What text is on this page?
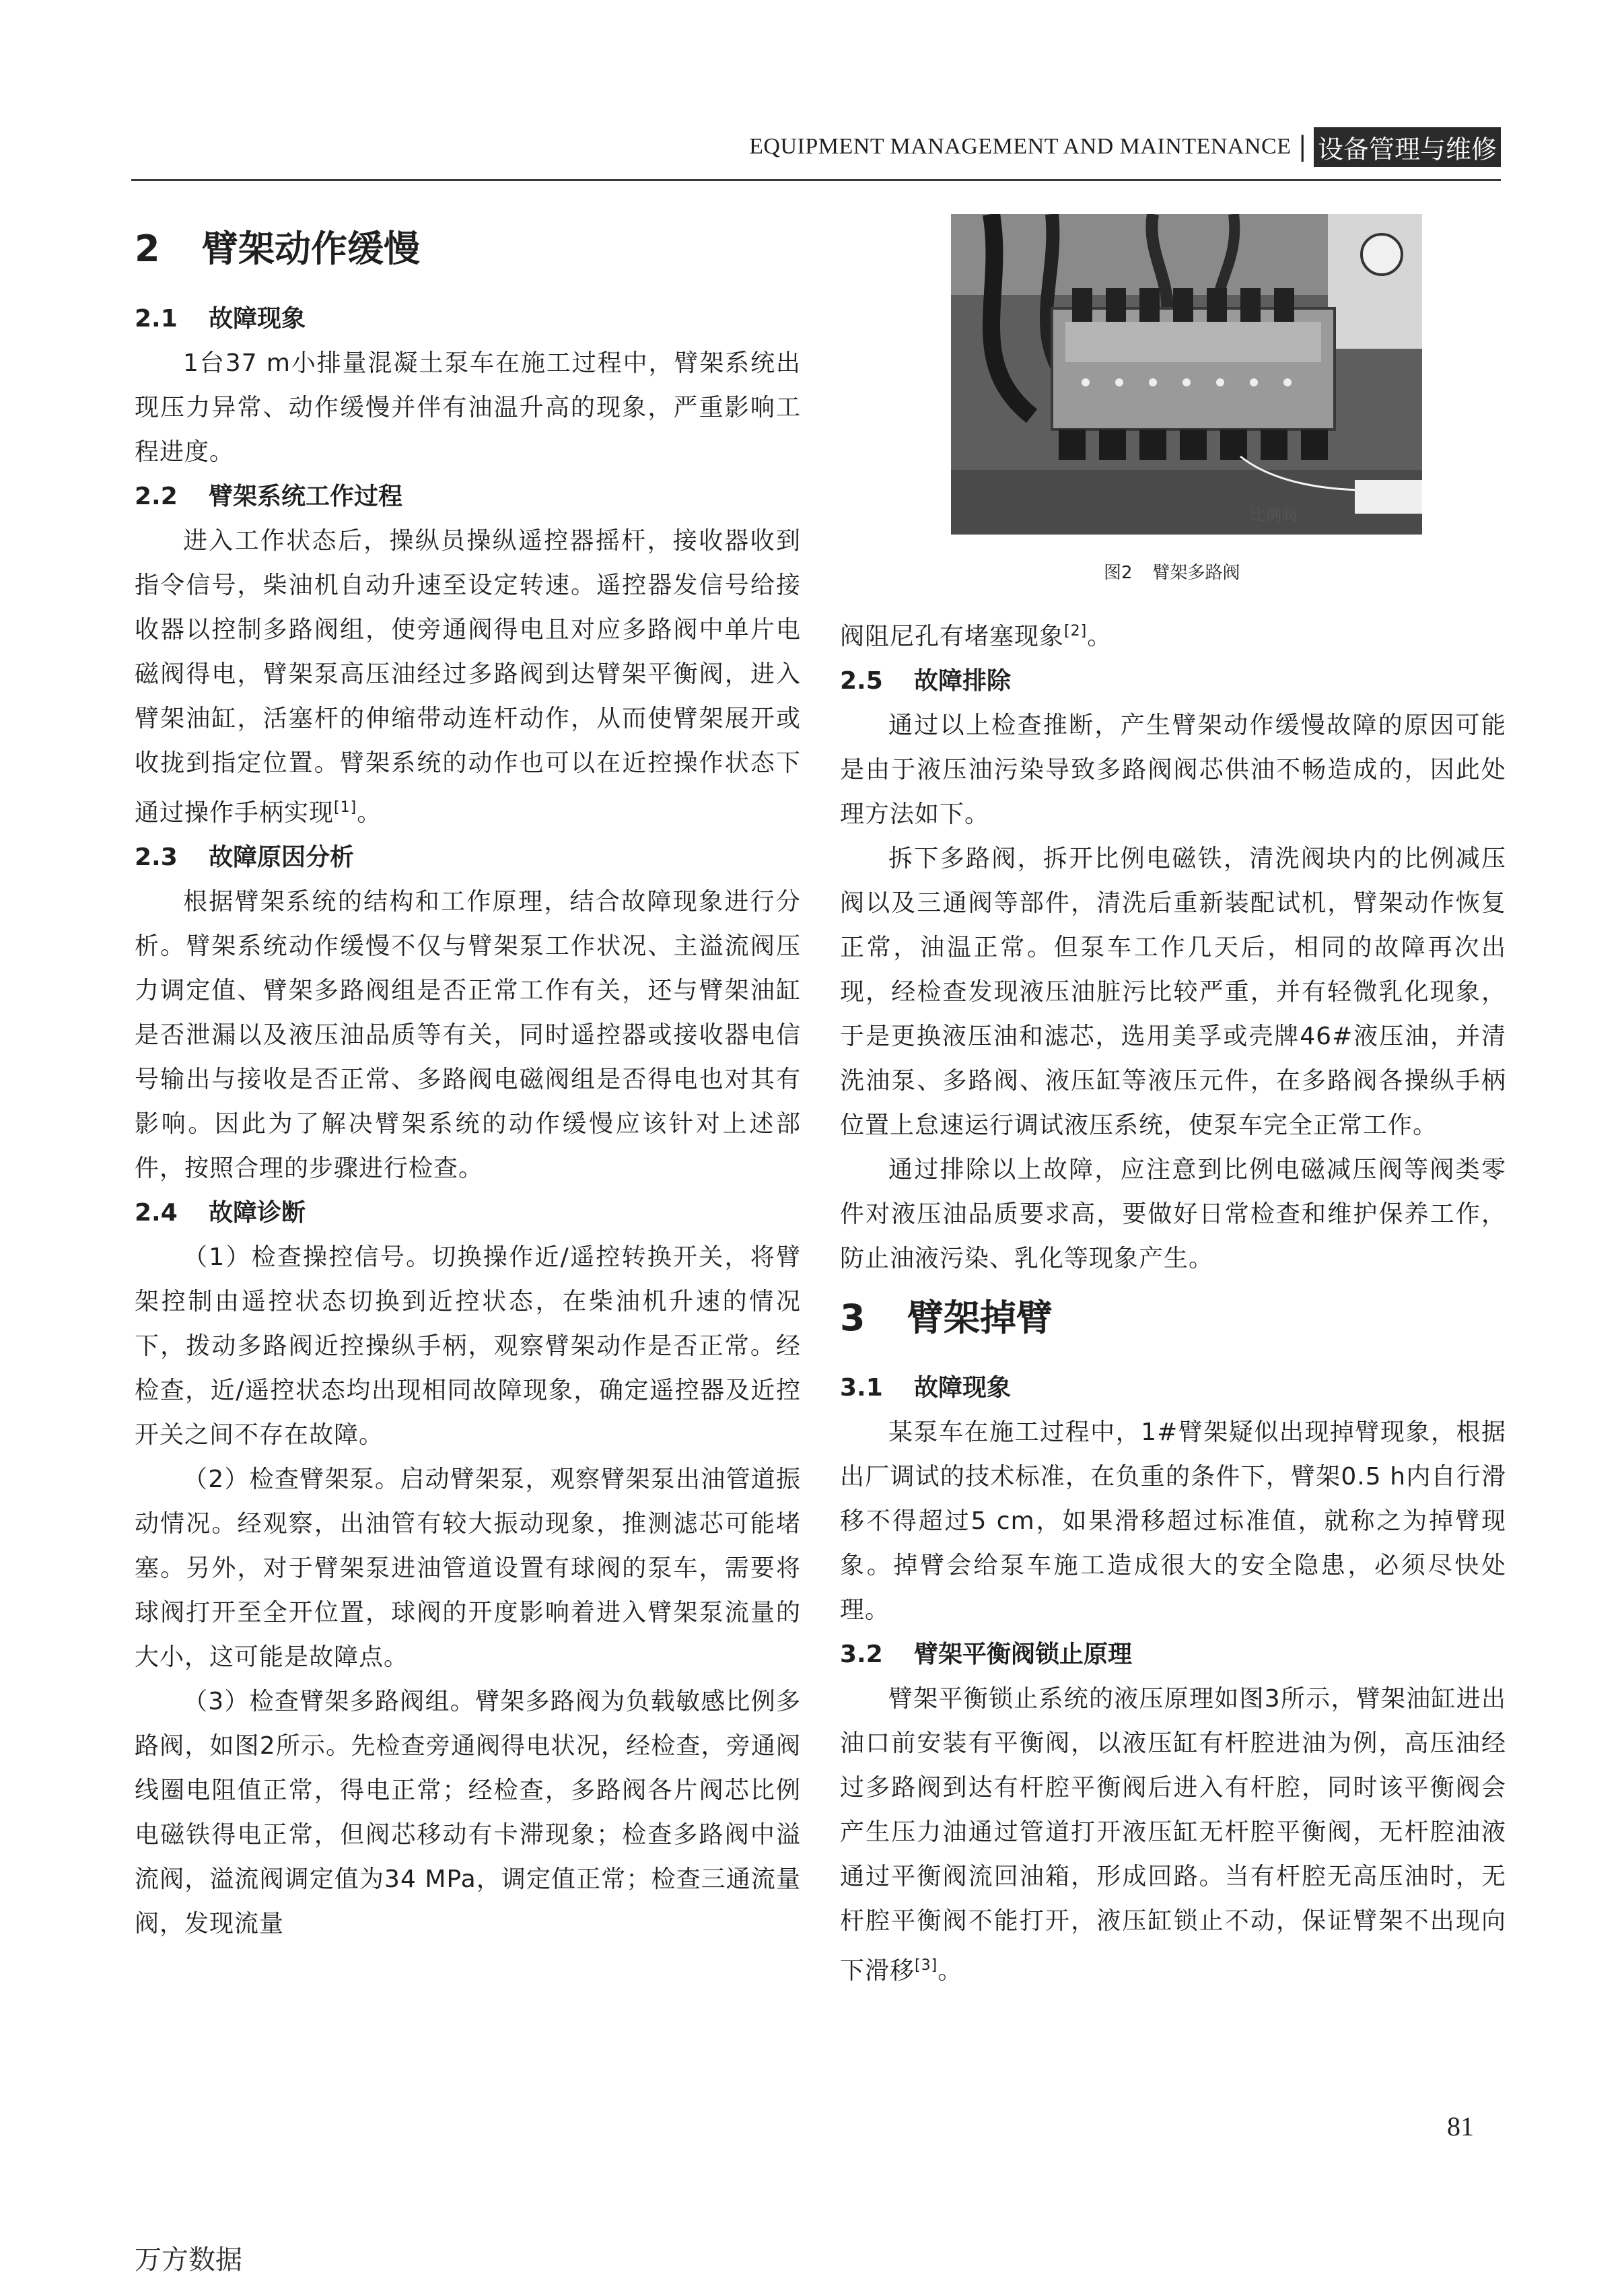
EQUIPMENT MANAGEMENT AND MAINTENANCE | 设备管理与维修
2 臂架动作缓慢
2.1 故障现象

1台37 m小排量混凝土泵车在施工过程中，臂架系统出现压力异常、动作缓慢并伴有油温升高的现象，严重影响工程进度。

2.2 臂架系统工作过程

进入工作状态后，操纵员操纵遥控器摇杆，接收器收到指令信号，柴油机自动升速至设定转速。遥控器发信号给接收器以控制多路阀组，使旁通阀得电且对应多路阀中单片电磁阀得电，臂架泵高压油经过多路阀到达臂架平衡阀，进入臂架油缸，活塞杆的伸缩带动连杆动作，从而使臂架展开或收拢到指定位置。臂架系统的动作也可以在近控操作状态下通过操作手柄实现[1]。

2.3 故障原因分析

根据臂架系统的结构和工作原理，结合故障现象进行分析。臂架系统动作缓慢不仅与臂架泵工作状况、主溢流阀压力调定值、臂架多路阀组是否正常工作有关，还与臂架油缸是否泄漏以及液压油品质等有关，同时遥控器或接收器电信号输出与接收是否正常、多路阀电磁阀组是否得电也对其有影响。因此为了解决臂架系统的动作缓慢应该针对上述部件，按照合理的步骤进行检查。

2.4 故障诊断

（1）检查操控信号。切换操作近/遥控转换开关，将臂架控制由遥控状态切换到近控状态，在柴油机升速的情况下，拨动多路阀近控操纵手柄，观察臂架动作是否正常。经检查，近/遥控状态均出现相同故障现象，确定遥控器及近控开关之间不存在故障。

（2）检查臂架泵。启动臂架泵，观察臂架泵出油管道振动情况。经观察，出油管有较大振动现象，推测滤芯可能堵塞。另外，对于臂架泵进油管道设置有球阀的泵车，需要将球阀打开至全开位置，球阀的开度影响着进入臂架泵流量的大小，这可能是故障点。

（3）检查臂架多路阀组。臂架多路阀为负载敏感比例多路阀，如图2所示。先检查旁通阀得电状况，经检查，旁通阀线圈电阻值正常，得电正常；经检查，多路阀各片阀芯比例电磁铁得电正常，但阀芯移动有卡滞现象；检查多路阀中溢流阀，溢流阀调定值为34 MPa，调定值正常；检查三通流量阀，发现流量

比例阀
图2 臂架多路阀

阀阻尼孔有堵塞现象[2]。

2.5 故障排除

通过以上检查推断，产生臂架动作缓慢故障的原因可能是由于液压油污染导致多路阀阀芯供油不畅造成的，因此处理方法如下。

拆下多路阀，拆开比例电磁铁，清洗阀块内的比例减压阀以及三通阀等部件，清洗后重新装配试机，臂架动作恢复正常，油温正常。但泵车工作几天后，相同的故障再次出现，经检查发现液压油脏污比较严重，并有轻微乳化现象，于是更换液压油和滤芯，选用美孚或壳牌46#液压油，并清洗油泵、多路阀、液压缸等液压元件，在多路阀各操纵手柄位置上怠速运行调试液压系统，使泵车完全正常工作。

通过排除以上故障，应注意到比例电磁减压阀等阀类零件对液压油品质要求高，要做好日常检查和维护保养工作，防止油液污染、乳化等现象产生。

3 臂架掉臂
3.1 故障现象

某泵车在施工过程中，1#臂架疑似出现掉臂现象，根据出厂调试的技术标准，在负重的条件下，臂架0.5 h内自行滑移不得超过5 cm，如果滑移超过标准值，就称之为掉臂现象。掉臂会给泵车施工造成很大的安全隐患，必须尽快处理。

3.2 臂架平衡阀锁止原理

臂架平衡锁止系统的液压原理如图3所示，臂架油缸进出油口前安装有平衡阀，以液压缸有杆腔进油为例，高压油经过多路阀到达有杆腔平衡阀后进入有杆腔，同时该平衡阀会产生压力油通过管道打开液压缸无杆腔平衡阀，无杆腔油液通过平衡阀流回油箱，形成回路。当有杆腔无高压油时，无杆腔平衡阀不能打开，液压缸锁止不动，保证臂架不出现向下滑移[3]。

81
万方数据
